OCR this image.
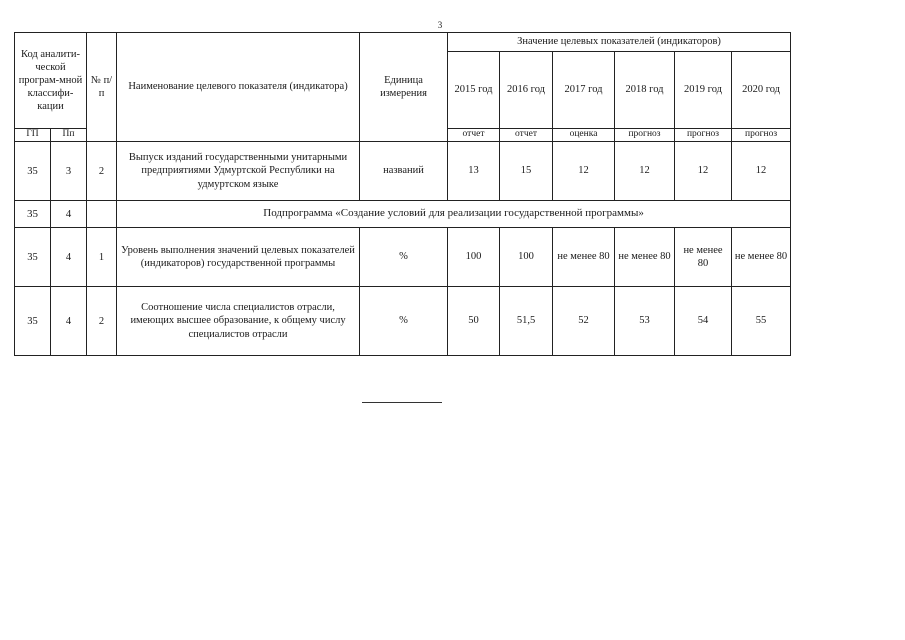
3
Код аналити-ческой програм-мной классифи-кации		№ п/п	Наименование целевого показателя (индикатора)	Единица измерения	Значение целевых показателей (индикаторов)					
					2015 год	2016 год	2017 год	2018 год	2019 год	2020 год
ГП	Пп				отчет	отчет	оценка	прогноз	прогноз	прогноз
35	3	2	Выпуск изданий государственными унитарными предприятиями Удмуртской Республики на удмуртском языке	названий	13	15	12	12	12	12
35	4		Подпрограмма «Создание условий для реализации государственной программы»							
35	4	1	Уровень выполнения значений целевых показателей (индикаторов) государственной программы	%	100	100	не менее 80	не менее 80	не менее 80	не менее 80
35	4	2	Соотношение числа специалистов отрасли, имеющих высшее образование, к общему числу специалистов отрасли	%	50	51,5	52	53	54	55
